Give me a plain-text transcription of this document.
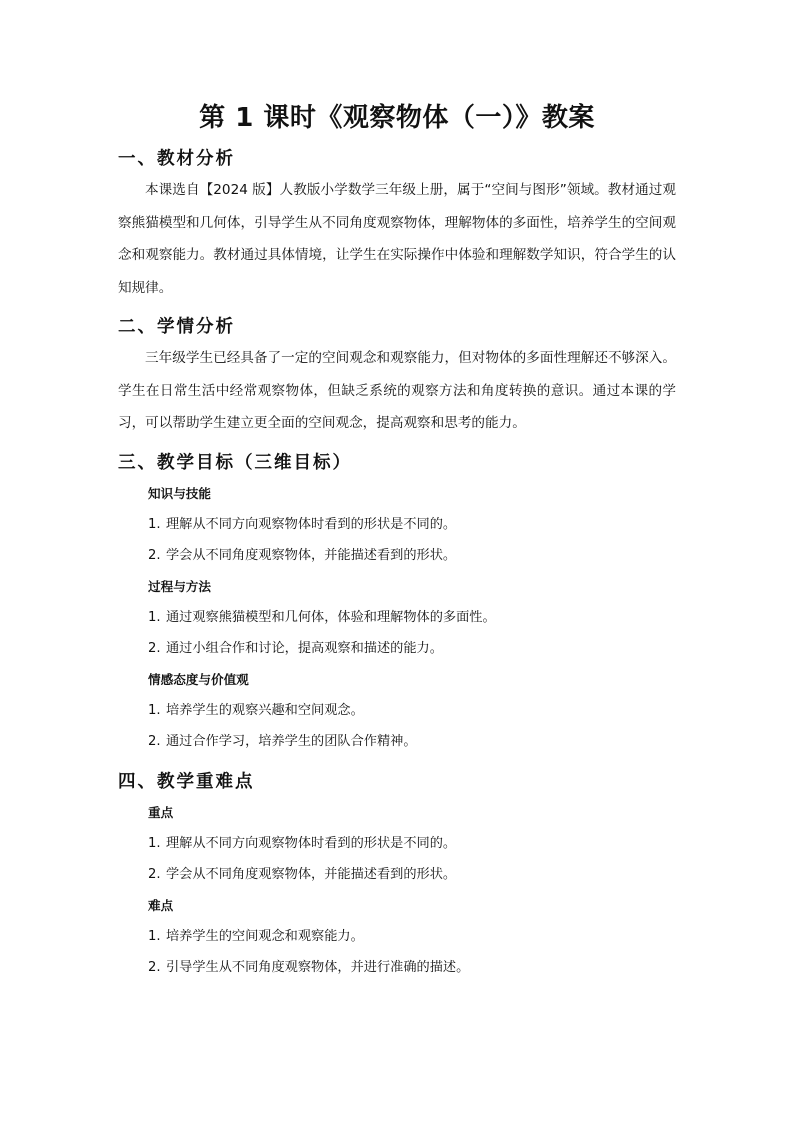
第 1 课时《观察物体（一）》教案
一、教材分析

本课选自【2024 版】人教版小学数学三年级上册，属于“空间与图形”领域。教材通过观察熊猫模型和几何体，引导学生从不同角度观察物体，理解物体的多面性，培养学生的空间观念和观察能力。教材通过具体情境，让学生在实际操作中体验和理解数学知识，符合学生的认知规律。

二、学情分析

三年级学生已经具备了一定的空间观念和观察能力，但对物体的多面性理解还不够深入。学生在日常生活中经常观察物体，但缺乏系统的观察方法和角度转换的意识。通过本课的学习，可以帮助学生建立更全面的空间观念，提高观察和思考的能力。

三、教学目标（三维目标）

知识与技能

1. 理解从不同方向观察物体时看到的形状是不同的。

2. 学会从不同角度观察物体，并能描述看到的形状。

过程与方法

1. 通过观察熊猫模型和几何体，体验和理解物体的多面性。

2. 通过小组合作和讨论，提高观察和描述的能力。

情感态度与价值观

1. 培养学生的观察兴趣和空间观念。

2. 通过合作学习，培养学生的团队合作精神。

四、教学重难点

重点

1. 理解从不同方向观察物体时看到的形状是不同的。

2. 学会从不同角度观察物体，并能描述看到的形状。

难点

1. 培养学生的空间观念和观察能力。

2. 引导学生从不同角度观察物体，并进行准确的描述。
